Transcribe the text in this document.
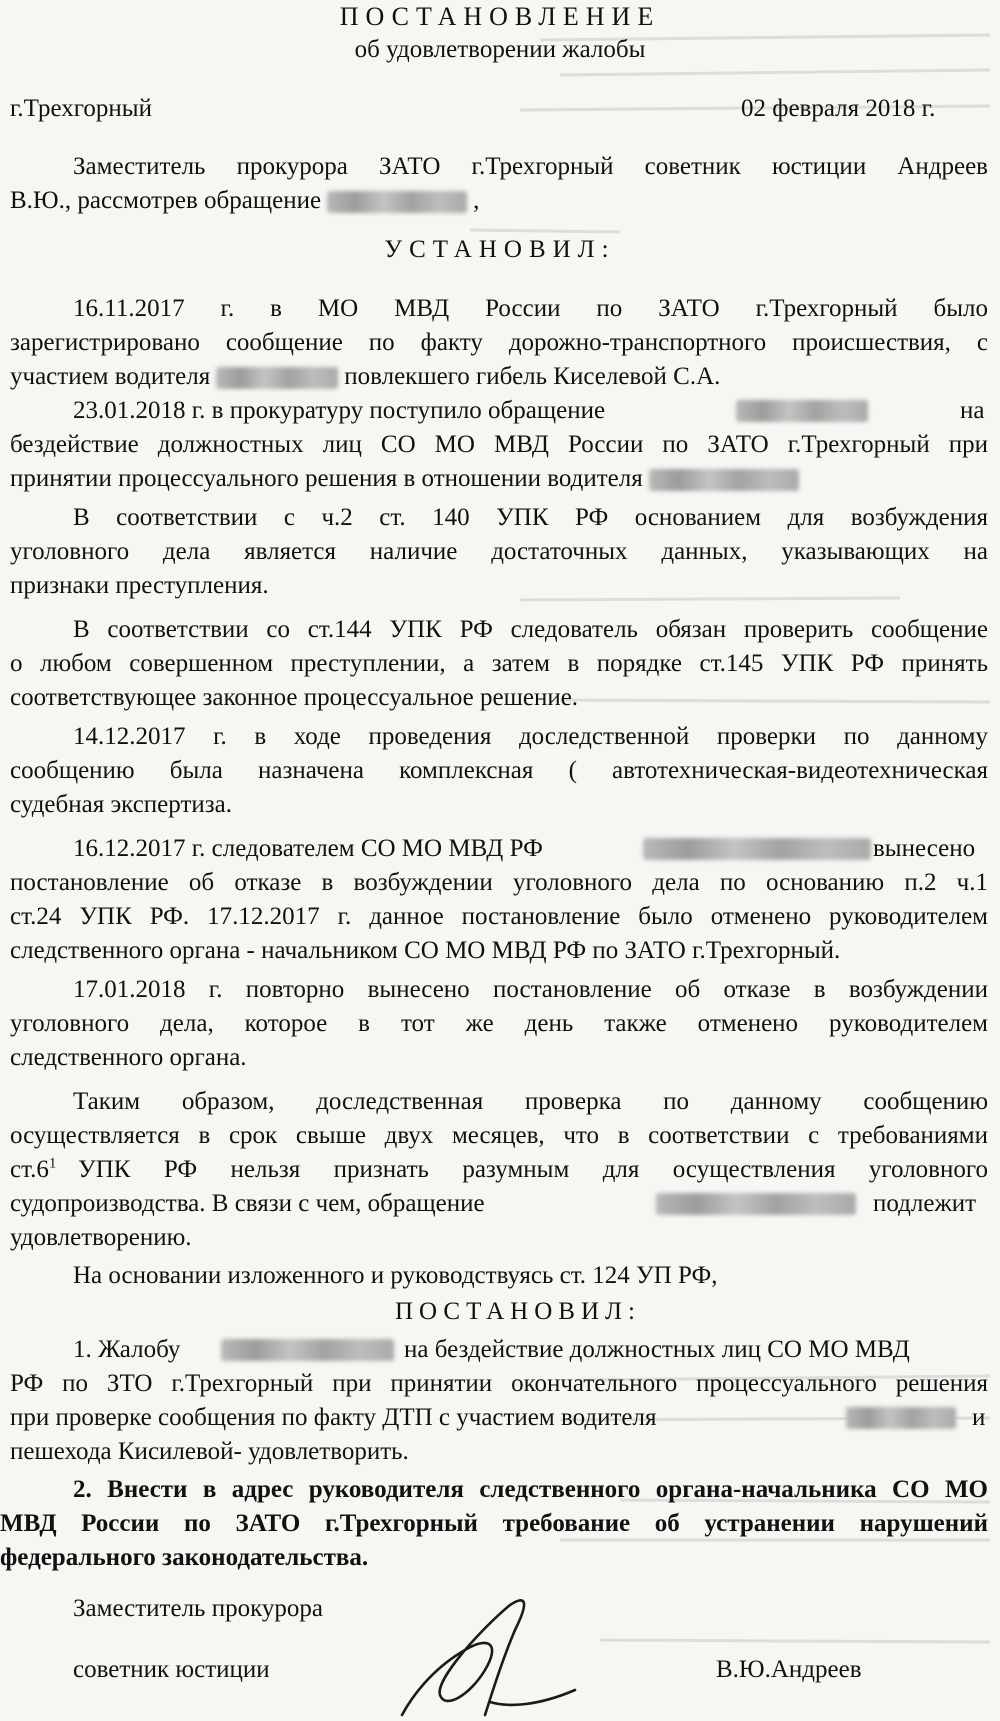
ПОСТАНОВЛЕНИЕ
об удовлетворении жалобы
г.Трехгорный	02 февраля 2018 г.
Заместитель прокурора ЗАТО г.Трехгорный советник юстиции Андреев
В.Ю., рассмотрев обращение	,
УСТАНОВИЛ:
16.11.2017 г. в МО МВД России по ЗАТО г.Трехгорный было
зарегистрировано сообщение по факту дорожно-транспортного происшествия, с
участием водителя	повлекшего гибель Киселевой С.А.
23.01.2018 г. в прокуратуру поступило обращение	на
бездействие должностных лиц СО МО МВД России по ЗАТО г.Трехгорный при
принятии процессуального решения в отношении водителя
В соответствии с ч.2 ст. 140 УПК РФ основанием для возбуждения
уголовного дела является наличие достаточных данных, указывающих на
признаки преступления.
В соответствии со ст.144 УПК РФ следователь обязан проверить сообщение
о любом совершенном преступлении, а затем в порядке ст.145 УПК РФ принять
соответствующее законное процессуальное решение.
14.12.2017 г. в ходе проведения доследственной проверки по данному
сообщению была назначена комплексная ( автотехническая-видеотехническая
судебная экспертиза.
16.12.2017 г. следователем СО МО МВД РФ	вынесено
постановление об отказе в возбуждении уголовного дела по основанию п.2 ч.1
ст.24 УПК РФ. 17.12.2017 г. данное постановление было отменено руководителем
следственного органа - начальником СО МО МВД РФ по ЗАТО г.Трехгорный.
17.01.2018 г. повторно вынесено постановление об отказе в возбуждении
уголовного дела, которое в тот же день также отменено руководителем
следственного органа.
Таким образом, доследственная проверка по данному сообщению
осуществляется в срок свыше двух месяцев, что в соответствии с требованиями
$ст.6^1$ УПК РФ нельзя признать разумным для осуществления уголовного
судопроизводства. В связи с чем, обращение	подлежит
удовлетворению.
На основании изложенного и руководствуясь ст. 124 УП РФ,
ПОСТАНОВИЛ:
1. Жалобу	на бездействие должностных лиц СО МО МВД
РФ по ЗТО г.Трехгорный при принятии окончательного процессуального решения
при проверке сообщения по факту ДТП с участием водителя	и
пешехода Кисилевой- удовлетворить.
2. Внести в адрес руководителя следственного органа-начальника СО МО
МВД России по ЗАТО г.Трехгорный требование об устранении нарушений
федерального законодательства.
Заместитель прокурора
советник юстиции	В.Ю.Андреев
